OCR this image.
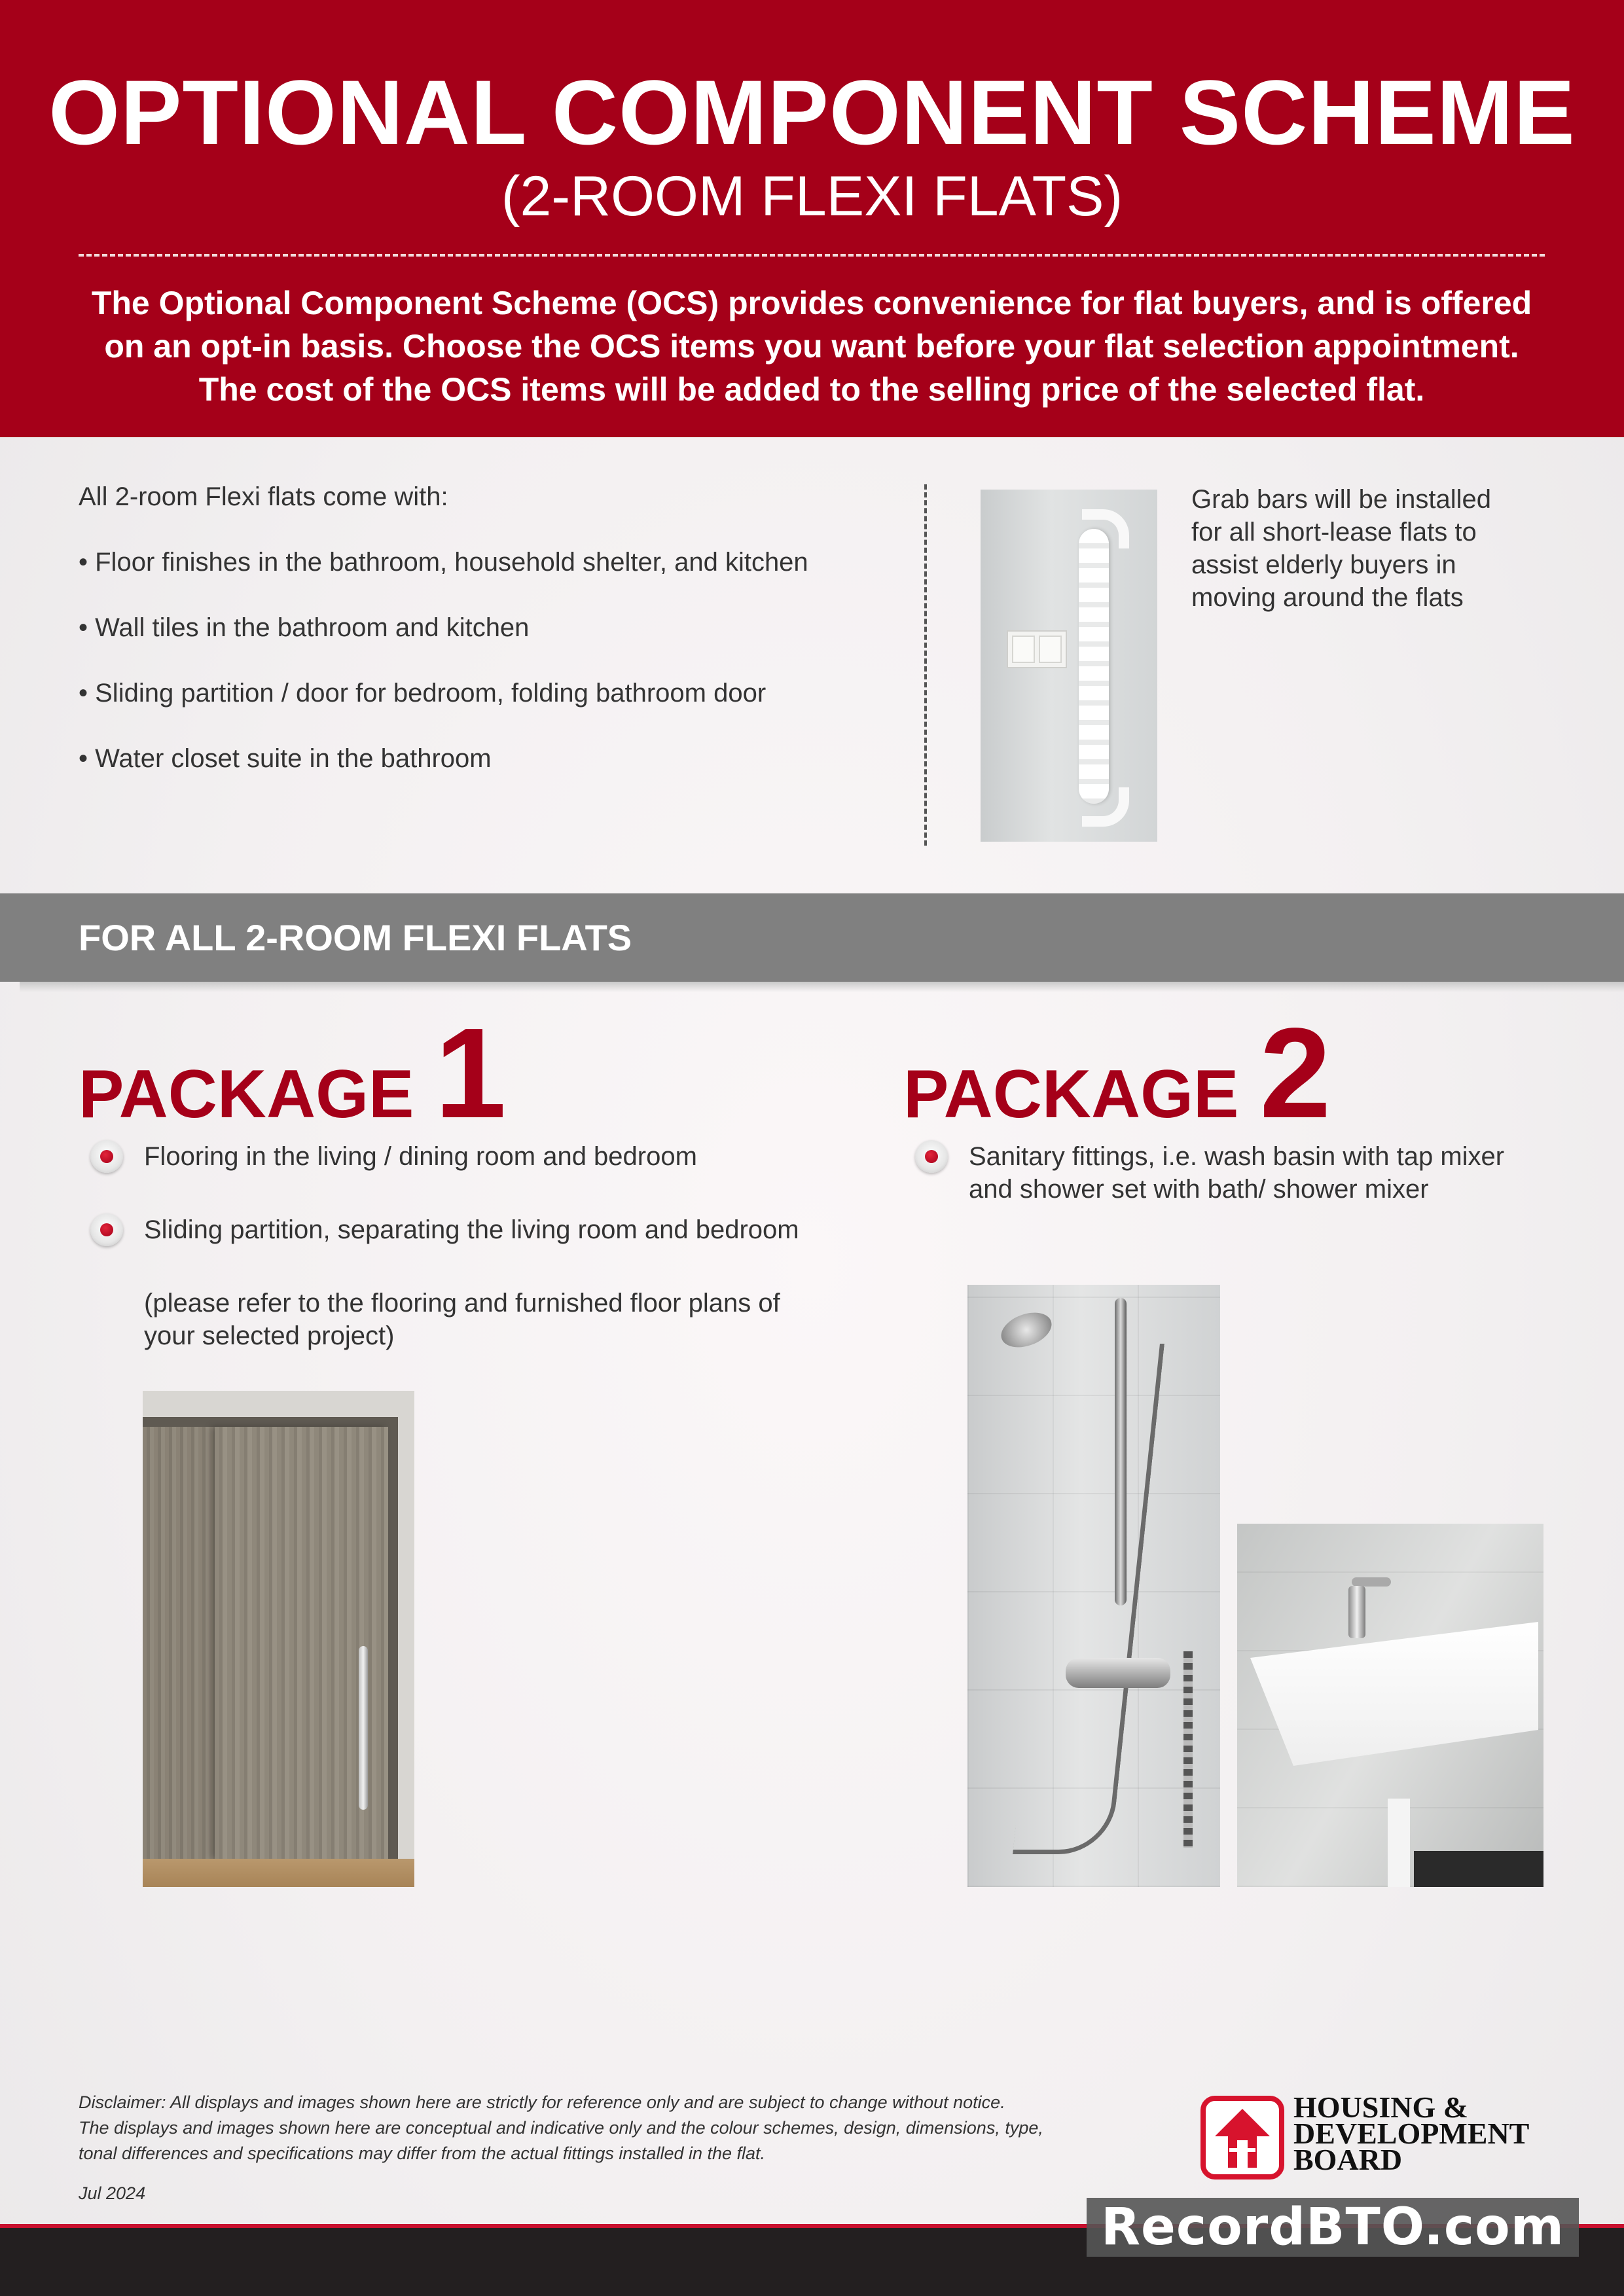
OPTIONAL COMPONENT SCHEME
(2-ROOM FLEXI FLATS)
The Optional Component Scheme (OCS) provides convenience for flat buyers, and is offered
on an opt-in basis. Choose the OCS items you want before your flat selection appointment.
The cost of the OCS items will be added to the selling price of the selected flat.
All 2-room Flexi flats come with:
• Floor finishes in the bathroom, household shelter, and kitchen
• Wall tiles in the bathroom and kitchen
• Sliding partition / door for bedroom, folding bathroom door
• Water closet suite in the bathroom
Grab bars will be installed
for all short-lease flats to
assist elderly buyers in
moving around the flats
FOR ALL 2-ROOM FLEXI FLATS
PACKAGE 1
Flooring in the living / dining room and bedroom
Sliding partition, separating the living room and bedroom
(please refer to the flooring and furnished floor plans of
your selected project)
PACKAGE 2
Sanitary fittings, i.e. wash basin with tap mixer
and shower set with bath/ shower mixer
Disclaimer: All displays and images shown here are strictly for reference only and are subject to change without notice.
The displays and images shown here are conceptual and indicative only and the colour schemes, design, dimensions, type,
tonal differences and specifications may differ from the actual fittings installed in the flat.
Jul 2024
HOUSING &
DEVELOPMENT
BOARD
RecordBTO.com
